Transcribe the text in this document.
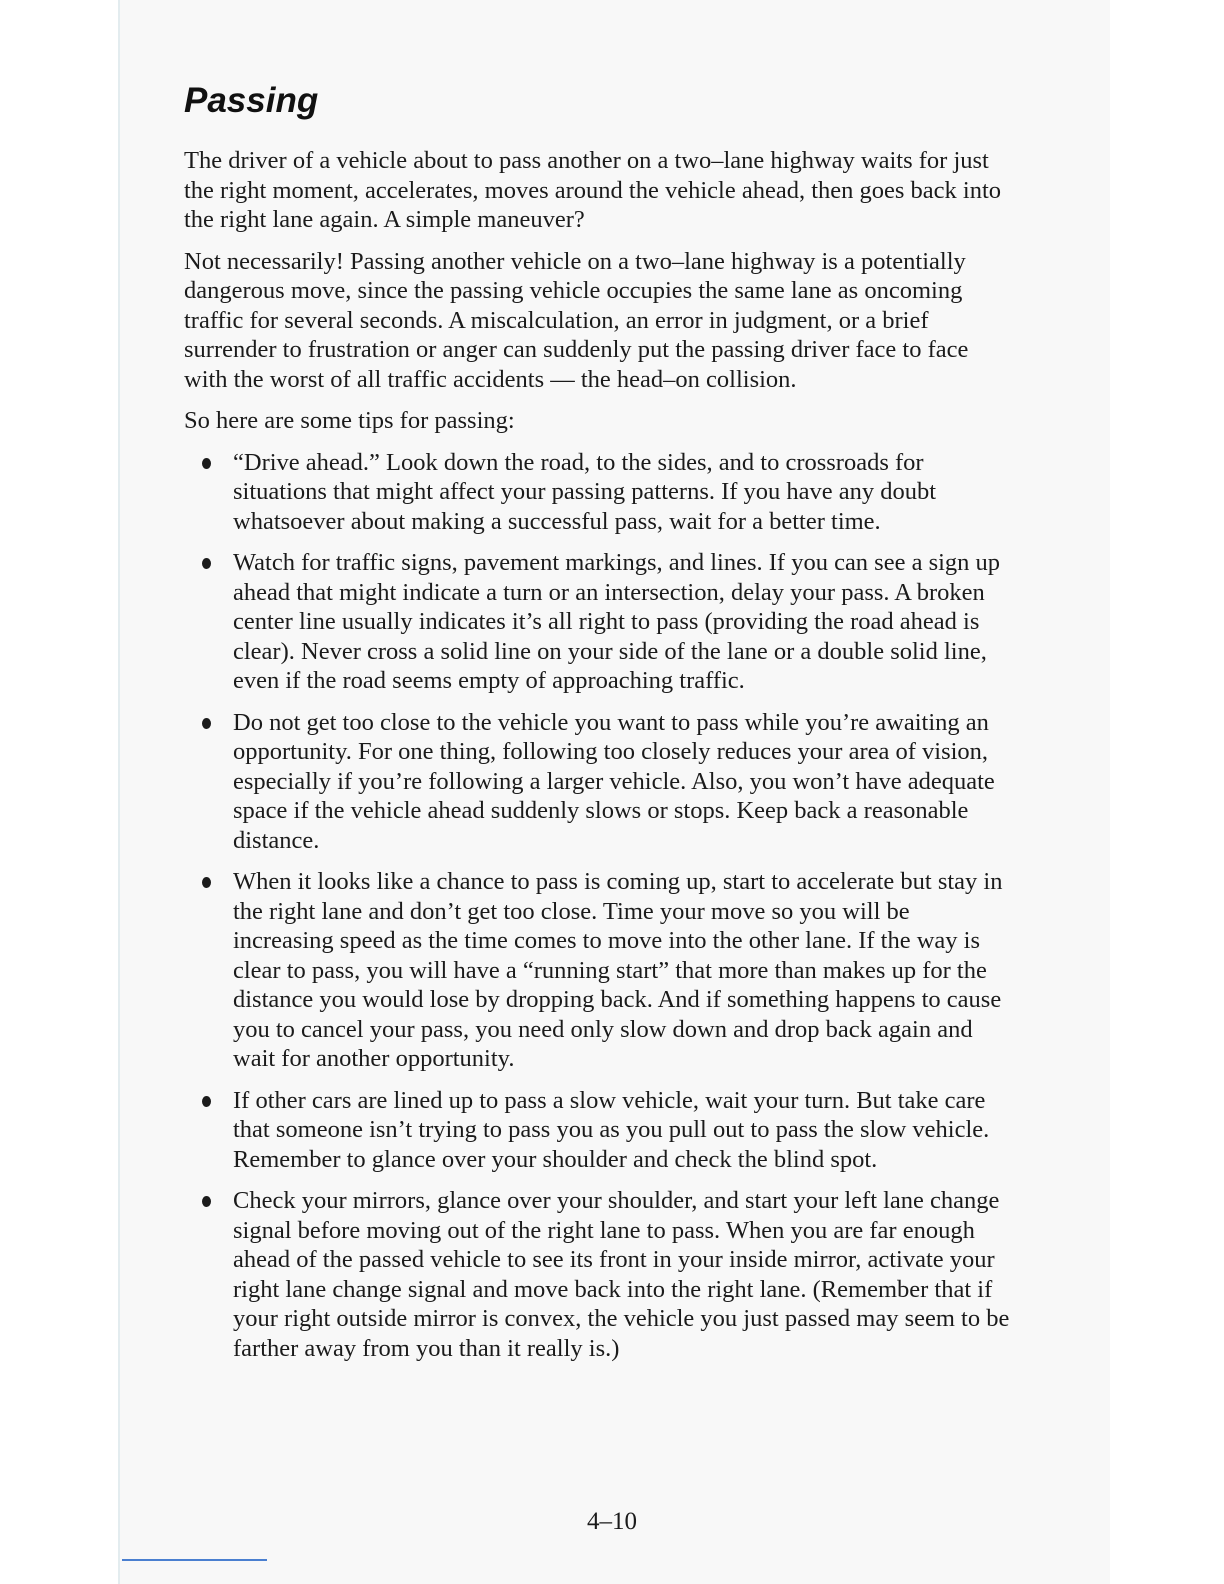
Passing

The driver of a vehicle about to pass another on a two–lane highway waits for just the right moment, accelerates, moves around the vehicle ahead, then goes back into the right lane again. A simple maneuver?

Not necessarily! Passing another vehicle on a two–lane highway is a potentially dangerous move, since the passing vehicle occupies the same lane as oncoming traffic for several seconds. A miscalculation, an error in judgment, or a brief surrender to frustration or anger can suddenly put the passing driver face to face with the worst of all traffic accidents — the head–on collision.

So here are some tips for passing:

“Drive ahead.” Look down the road, to the sides, and to crossroads for situations that might affect your passing patterns. If you have any doubt whatsoever about making a successful pass, wait for a better time.
Watch for traffic signs, pavement markings, and lines. If you can see a sign up ahead that might indicate a turn or an intersection, delay your pass. A broken center line usually indicates it’s all right to pass (providing the road ahead is clear). Never cross a solid line on your side of the lane or a double solid line, even if the road seems empty of approaching traffic.
Do not get too close to the vehicle you want to pass while you’re awaiting an opportunity. For one thing, following too closely reduces your area of vision, especially if you’re following a larger vehicle. Also, you won’t have adequate space if the vehicle ahead suddenly slows or stops. Keep back a reasonable distance.
When it looks like a chance to pass is coming up, start to accelerate but stay in the right lane and don’t get too close. Time your move so you will be increasing speed as the time comes to move into the other lane. If the way is clear to pass, you will have a “running start” that more than makes up for the distance you would lose by dropping back. And if something happens to cause you to cancel your pass, you need only slow down and drop back again and wait for another opportunity.
If other cars are lined up to pass a slow vehicle, wait your turn. But take care that someone isn’t trying to pass you as you pull out to pass the slow vehicle. Remember to glance over your shoulder and check the blind spot.
Check your mirrors, glance over your shoulder, and start your left lane change signal before moving out of the right lane to pass. When you are far enough ahead of the passed vehicle to see its front in your inside mirror, activate your right lane change signal and move back into the right lane. (Remember that if your right outside mirror is convex, the vehicle you just passed may seem to be farther away from you than it really is.)
4–10
